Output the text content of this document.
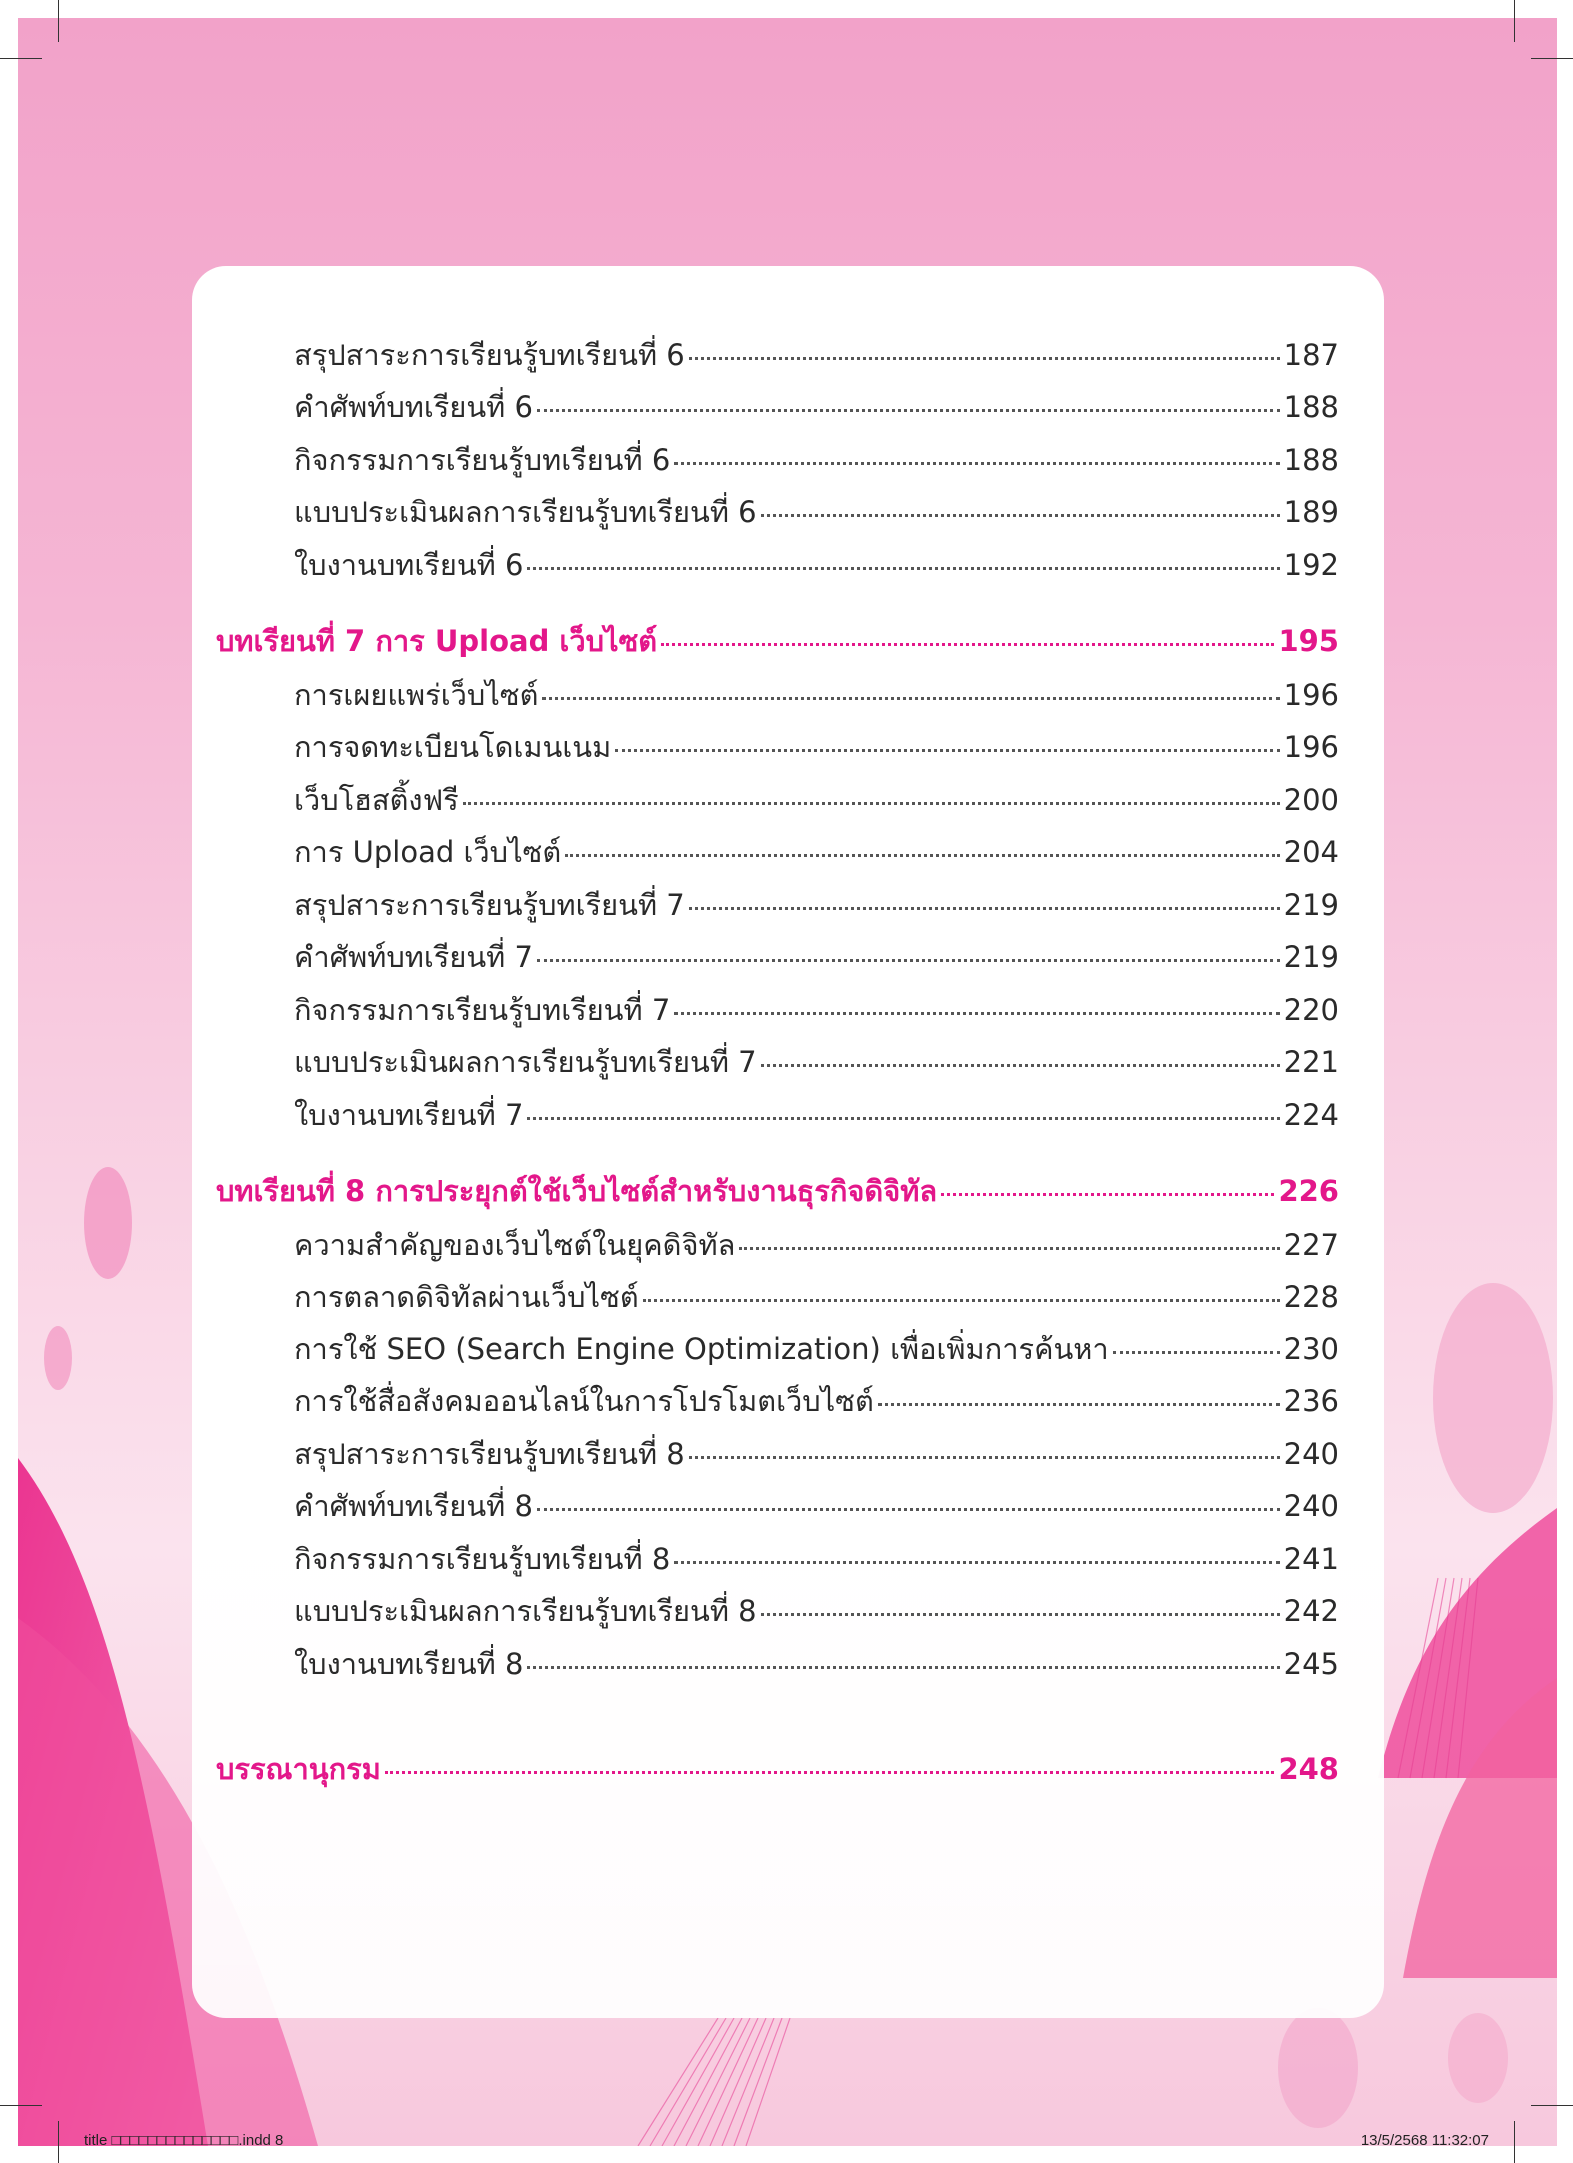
สรุปสาระการเรียนรู้บทเรียนที่ 6	187
คำศัพท์บทเรียนที่ 6	188
กิจกรรมการเรียนรู้บทเรียนที่ 6	188
แบบประเมินผลการเรียนรู้บทเรียนที่ 6	189
ใบงานบทเรียนที่ 6	192
บทเรียนที่ 7 การ Upload เว็บไซต์	195
การเผยแพร่เว็บไซต์	196
การจดทะเบียนโดเมนเนม	196
เว็บโฮสติ้งฟรี	200
การ Upload เว็บไซต์	204
สรุปสาระการเรียนรู้บทเรียนที่ 7	219
คำศัพท์บทเรียนที่ 7	219
กิจกรรมการเรียนรู้บทเรียนที่ 7	220
แบบประเมินผลการเรียนรู้บทเรียนที่ 7	221
ใบงานบทเรียนที่ 7	224
บทเรียนที่ 8 การประยุกต์ใช้เว็บไซต์สำหรับงานธุรกิจดิจิทัล	226
ความสำคัญของเว็บไซต์ในยุคดิจิทัล	227
การตลาดดิจิทัลผ่านเว็บไซต์	228
การใช้ SEO (Search Engine Optimization) เพื่อเพิ่มการค้นหา	230
การใช้สื่อสังคมออนไลน์ในการโปรโมตเว็บไซต์	236
สรุปสาระการเรียนรู้บทเรียนที่ 8	240
คำศัพท์บทเรียนที่ 8	240
กิจกรรมการเรียนรู้บทเรียนที่ 8	241
แบบประเมินผลการเรียนรู้บทเรียนที่ 8	242
ใบงานบทเรียนที่ 8	245
บรรณานุกรม	248
title □□□□□□□□□□□□□□.indd 8	13/5/2568 11:32:07
